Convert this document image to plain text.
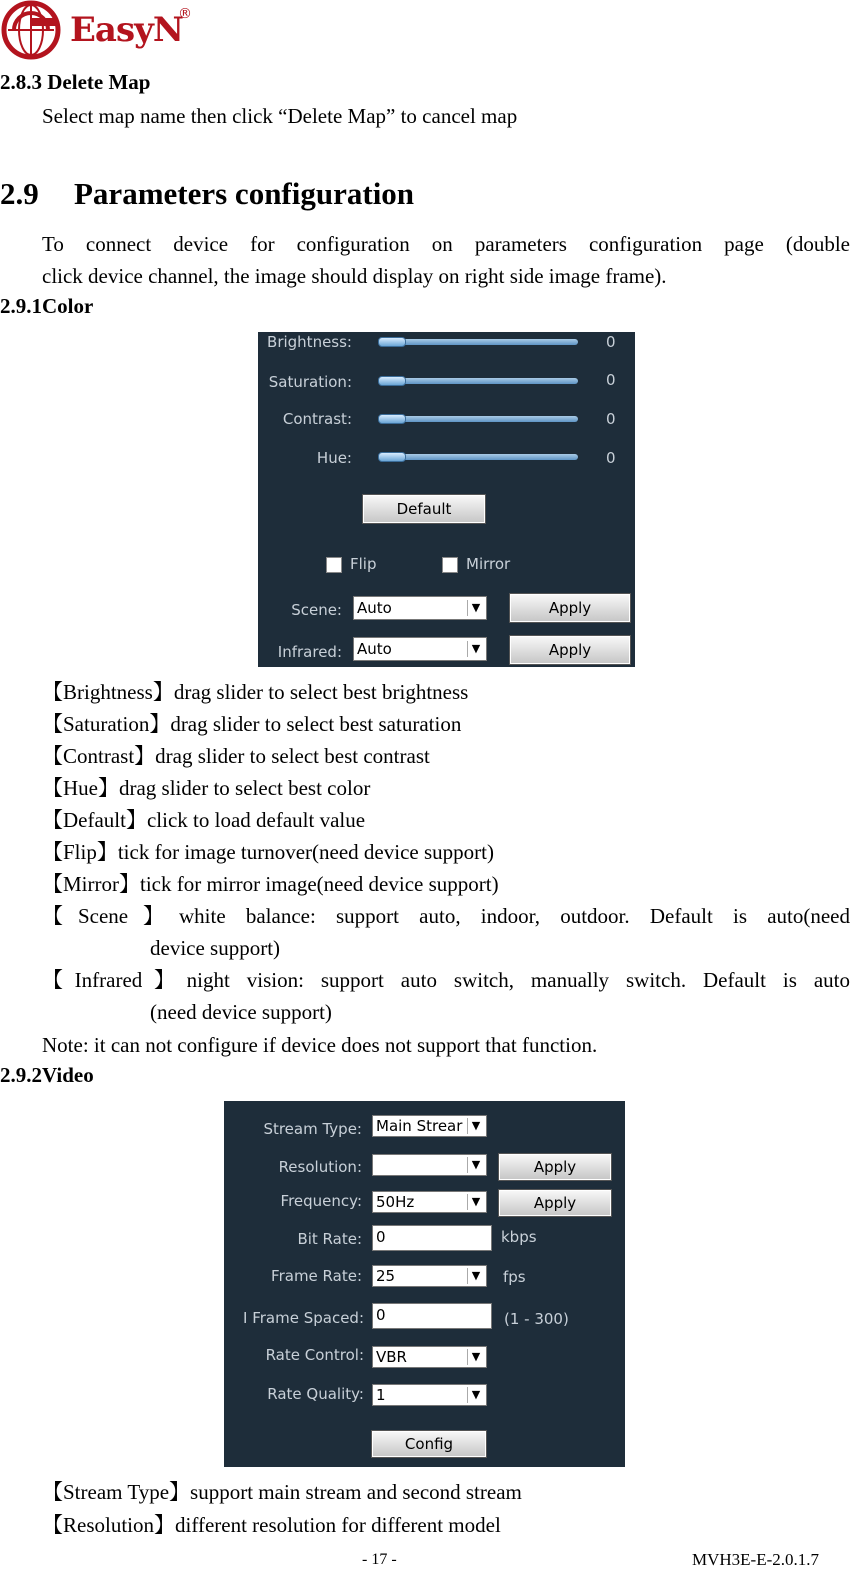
EasyN
®
2.8.3 Delete Map
Select map name then click “Delete Map” to cancel map
2.9 Parameters configuration
To connect device for configuration on parameters configuration page (double
click device channel, the image should display on right side image frame).
2.9.1Color
Brightness:	0
Saturation:	0
Contrast:	0
Hue:	0
Default
Flip	Mirror
Scene: Auto	▼	Apply
Infrared: Auto	▼	Apply
【Brightness】drag slider to select best brightness
【Saturation】drag slider to select best saturation
【Contrast】drag slider to select best contrast
【Hue】drag slider to select best color
【Default】click to load default value
【Flip】tick for image turnover(need device support)
【Mirror】tick for mirror image(need device support)
【Scene】white balance: support auto, indoor, outdoor. Default is auto(need
device support)
【Infrared】night vision: support auto switch, manually switch. Default is auto
(need device support)
Note: it can not configure if device does not support that function.
2.9.2Video
Stream Type: Main Strear ▼
Resolution:	▼	Apply
Frequency: 50Hz	▼	Apply
Bit Rate: 0	kbps
Frame Rate: 25	▼ fps
I Frame Spaced: 0	(1 - 300)
Rate Control: VBR	▼
Rate Quality: 1	▼
Config
【Stream Type】support main stream and second stream
【Resolution】different resolution for different model
- 17 -	MVH3E-E-2.0.1.7
